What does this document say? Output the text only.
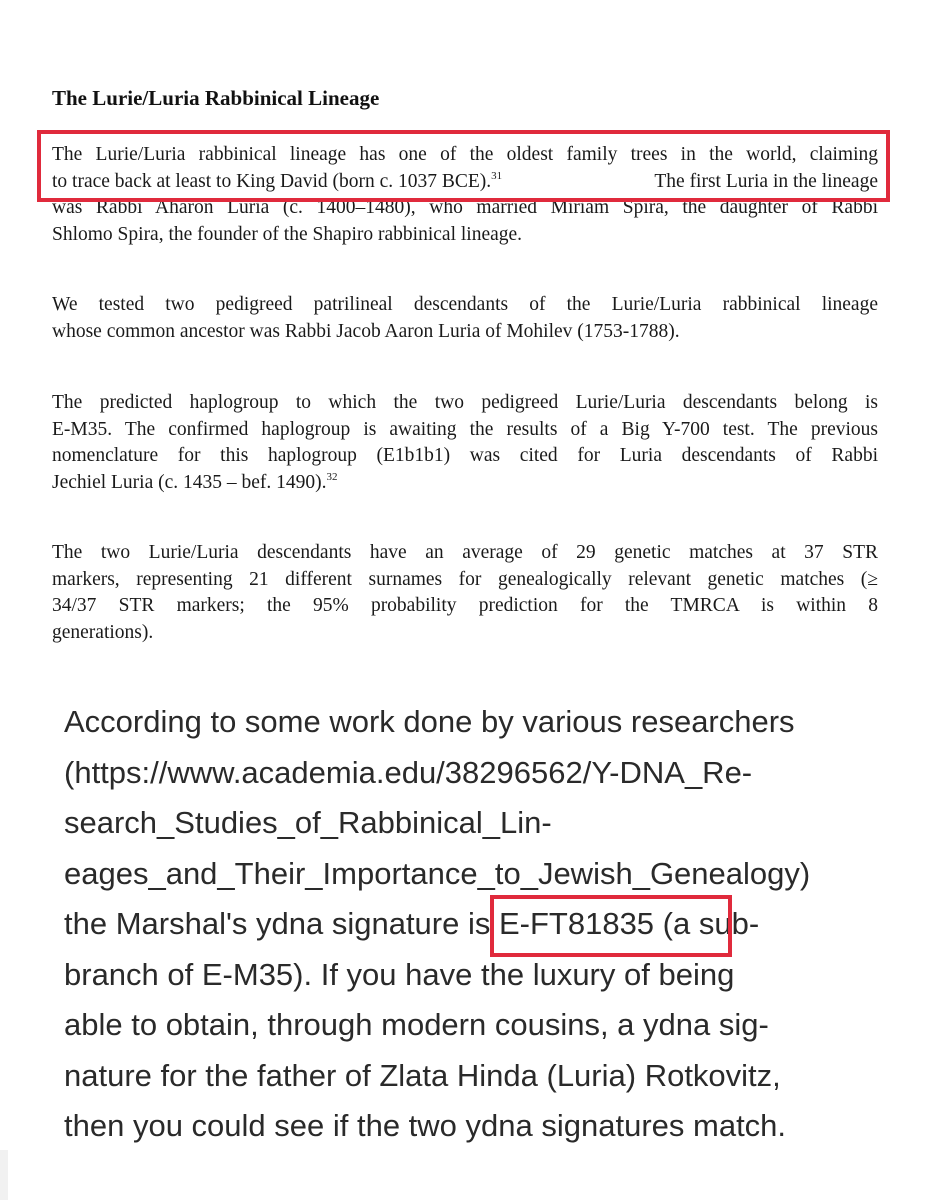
The Lurie/Luria Rabbinical Lineage
The Lurie/Luria rabbinical lineage has one of the oldest family trees in the world, claiming
to trace back at least to King David (born c. 1037 BCE).$^{31}$	The first Luria in the lineage
was Rabbi Aharon Luria (c. 1400–1480), who married Miriam Spira, the daughter of Rabbi
Shlomo Spira, the founder of the Shapiro rabbinical lineage.
We tested two pedigreed patrilineal descendants of the Lurie/Luria rabbinical lineage
whose common ancestor was Rabbi Jacob Aaron Luria of Mohilev (1753-1788).
The predicted haplogroup to which the two pedigreed Lurie/Luria descendants belong is
E-M35. The confirmed haplogroup is awaiting the results of a Big Y-700 test. The previous
nomenclature for this haplogroup (E1b1b1) was cited for Luria descendants of Rabbi
Jechiel Luria (c. 1435 – bef. 1490).$^{32}$
The two Lurie/Luria descendants have an average of 29 genetic matches at 37 STR
markers, representing 21 different surnames for genealogically relevant genetic matches (≥
34/37 STR markers; the 95% probability prediction for the TMRCA is within 8
generations).
According to some work done by various researchers
(https://www.academia.edu/38296562/Y-DNA_Re-
search_Studies_of_Rabbinical_Lin-
eages_and_Their_Importance_to_Jewish_Genealogy)
the Marshal's ydna signature is E-FT81835 (a sub-
branch of E-M35). If you have the luxury of being
able to obtain, through modern cousins, a ydna sig-
nature for the father of Zlata Hinda (Luria) Rotkovitz,
then you could see if the two ydna signatures match.
